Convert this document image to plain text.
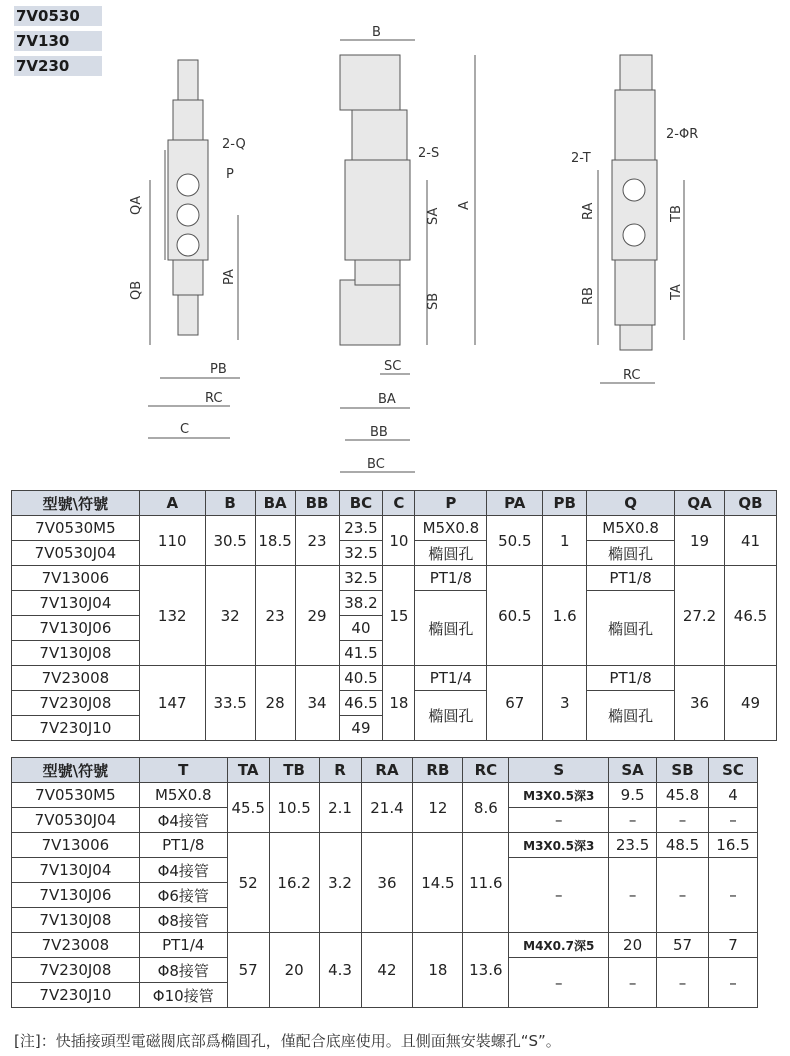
7V0530
7V130
7V230
2-Q
P
QA
QB
PA
PB
RC
C
B
2-S
SA
A
SB
SC
BA
BB
BC
2-ΦR
2-T
RA	TB
RB	TA
RC
型號\符號	A	B	BA	BB	BC	C	P	PA	PB	Q	QA	QB
7V0530M5	110	30.5	18.5	23	23.5	10	M5X0.8	50.5	1	M5X0.8	19	41
7V0530J04					32.5		橢圓孔			橢圓孔		
7V13006	132	32	23	29	32.5	15	PT1/8	60.5	1.6	PT1/8	27.2	46.5
7V130J04					38.2		橢圓孔			橢圓孔		
7V130J06					40							
7V130J08					41.5							
7V23008	147	33.5	28	34	40.5	18	PT1/4	67	3	PT1/8	36	49
7V230J08					46.5		橢圓孔			橢圓孔		
7V230J10					49							
型號\符號	T	TA	TB	R	RA	RB	RC	S	SA	SB	SC
7V0530M5	M5X0.8	45.5	10.5	2.1	21.4	12	8.6	M3X0.5深3	9.5	45.8	4
7V0530J04	Φ4接管							–	–	–	–
7V13006	PT1/8	52	16.2	3.2	36	14.5	11.6	M3X0.5深3	23.5	48.5	16.5
7V130J04	Φ4接管							–	–	–	–
7V130J06	Φ6接管										
7V130J08	Φ8接管										
7V23008	PT1/4	57	20	4.3	42	18	13.6	M4X0.7深5	20	57	7
7V230J08	Φ8接管							–	–	–	–
7V230J10	Φ10接管										
[注]：快插接頭型電磁閥底部爲橢圓孔，僅配合底座使用。且側面無安裝螺孔“S”。
